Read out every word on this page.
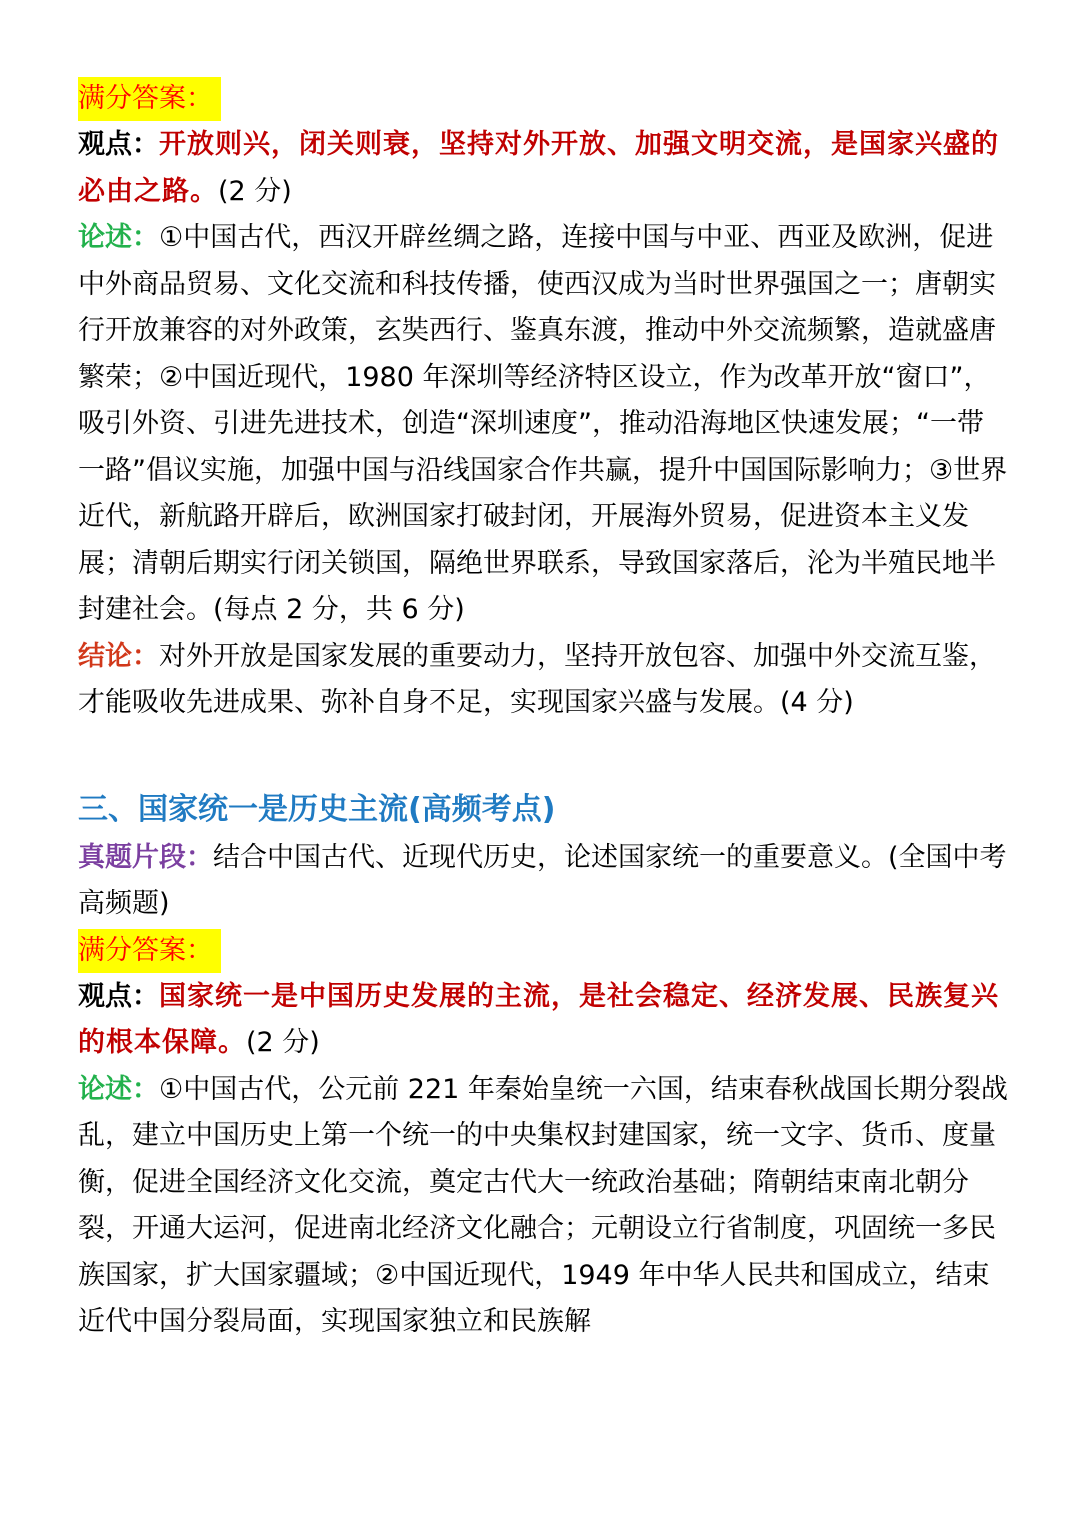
满分答案：

观点：开放则兴，闭关则衰，坚持对外开放、加强文明交流，是国家兴盛的必由之路。(2 分)

论述：①中国古代，西汉开辟丝绸之路，连接中国与中亚、西亚及欧洲，促进中外商品贸易、文化交流和科技传播，使西汉成为当时世界强国之一；唐朝实行开放兼容的对外政策，玄奘西行、鉴真东渡，推动中外交流频繁，造就盛唐繁荣；②中国近现代，1980 年深圳等经济特区设立，作为改革开放“窗口”，吸引外资、引进先进技术，创造“深圳速度”，推动沿海地区快速发展；“一带一路”倡议实施，加强中国与沿线国家合作共赢，提升中国国际影响力；③世界近代，新航路开辟后，欧洲国家打破封闭，开展海外贸易，促进资本主义发展；清朝后期实行闭关锁国，隔绝世界联系，导致国家落后，沦为半殖民地半封建社会。(每点 2 分，共 6 分)

结论：对外开放是国家发展的重要动力，坚持开放包容、加强中外交流互鉴，才能吸收先进成果、弥补自身不足，实现国家兴盛与发展。(4 分)

三、国家统一是历史主流(高频考点)

真题片段：结合中国古代、近现代历史，论述国家统一的重要意义。(全国中考高频题)

满分答案：

观点：国家统一是中国历史发展的主流，是社会稳定、经济发展、民族复兴的根本保障。(2 分)

论述：①中国古代，公元前 221 年秦始皇统一六国，结束春秋战国长期分裂战乱，建立中国历史上第一个统一的中央集权封建国家，统一文字、货币、度量衡，促进全国经济文化交流，奠定古代大一统政治基础；隋朝结束南北朝分裂，开通大运河，促进南北经济文化融合；元朝设立行省制度，巩固统一多民族国家，扩大国家疆域；②中国近现代，1949 年中华人民共和国成立，结束近代中国分裂局面，实现国家独立和民族解
